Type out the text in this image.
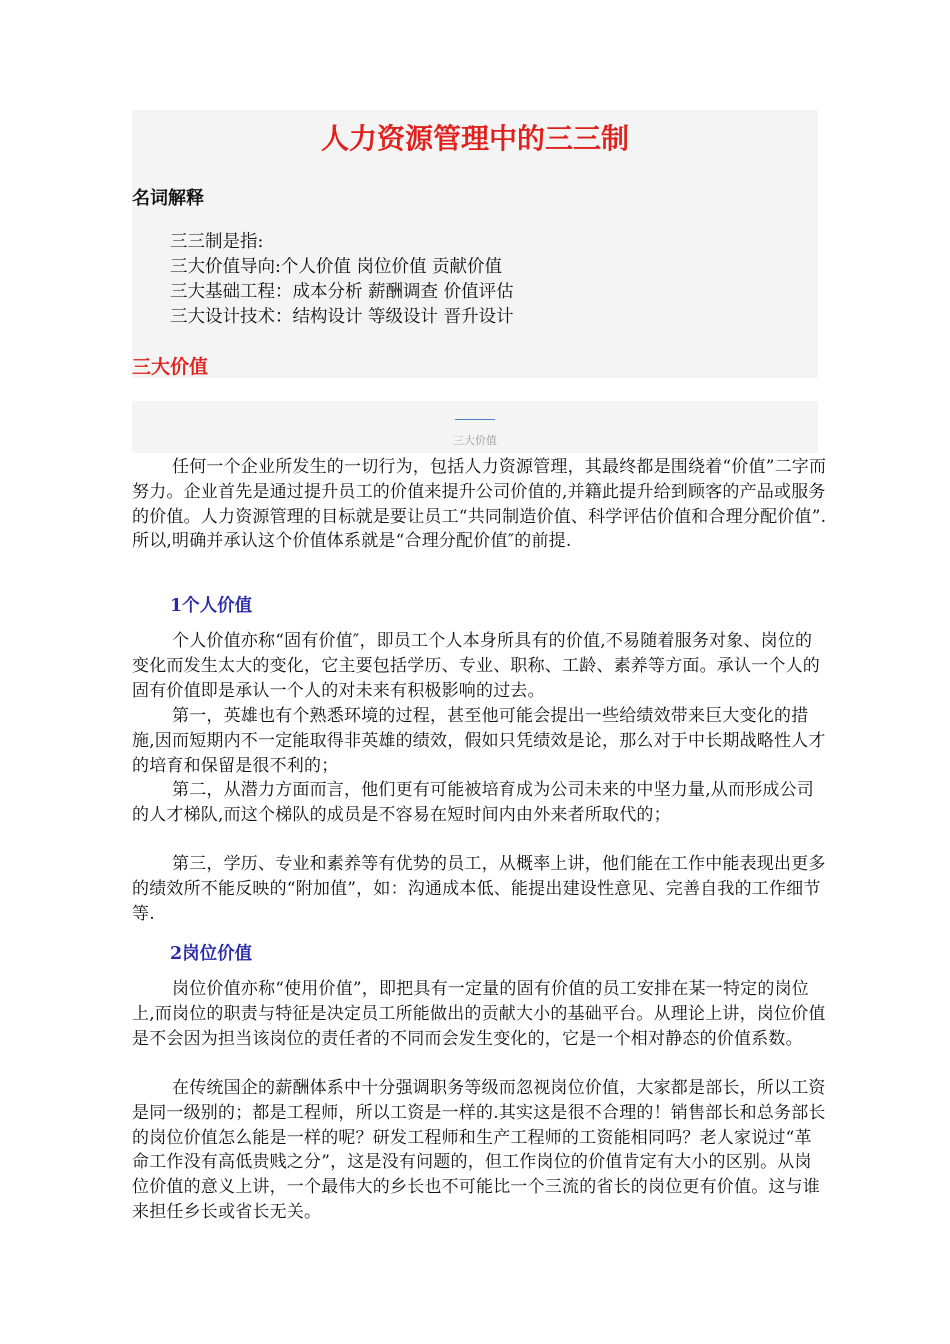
人力资源管理中的三三制
名词解释
三三制是指:
三大价值导向:个人价值 岗位价值 贡献价值
三大基础工程：成本分析 薪酬调查 价值评估
三大设计技术：结构设计 等级设计 晋升设计
三大价值
三大价值

任何一个企业所发生的一切行为，包括人力资源管理，其最终都是围绕着“价值”二字而努力。企业首先是通过提升员工的价值来提升公司价值的,并籍此提升给到顾客的产品或服务的价值。人力资源管理的目标就是要让员工“共同制造价值、科学评估价值和合理分配价值”.所以,明确并承认这个价值体系就是“合理分配价值″的前提.

1个人价值

个人价值亦称“固有价值″，即员工个人本身所具有的价值,不易随着服务对象、岗位的变化而发生太大的变化，它主要包括学历、专业、职称、工龄、素养等方面。承认一个人的固有价值即是承认一个人的对未来有积极影响的过去。

第一，英雄也有个熟悉环境的过程，甚至他可能会提出一些给绩效带来巨大变化的措施,因而短期内不一定能取得非英雄的绩效，假如只凭绩效是论，那么对于中长期战略性人才的培育和保留是很不利的；

第二，从潜力方面而言，他们更有可能被培育成为公司未来的中坚力量,从而形成公司的人才梯队,而这个梯队的成员是不容易在短时间内由外来者所取代的；

第三，学历、专业和素养等有优势的员工，从概率上讲，他们能在工作中能表现出更多的绩效所不能反映的“附加值”，如：沟通成本低、能提出建设性意见、完善自我的工作细节等.

2岗位价值

岗位价值亦称“使用价值”，即把具有一定量的固有价值的员工安排在某一特定的岗位上,而岗位的职责与特征是决定员工所能做出的贡献大小的基础平台。从理论上讲，岗位价值是不会因为担当该岗位的责任者的不同而会发生变化的，它是一个相对静态的价值系数。

在传统国企的薪酬体系中十分强调职务等级而忽视岗位价值，大家都是部长，所以工资是同一级别的；都是工程师，所以工资是一样的.其实这是很不合理的！销售部长和总务部长的岗位价值怎么能是一样的呢？研发工程师和生产工程师的工资能相同吗？老人家说过“革命工作没有高低贵贱之分”，这是没有问题的，但工作岗位的价值肯定有大小的区别。从岗位价值的意义上讲，一个最伟大的乡长也不可能比一个三流的省长的岗位更有价值。这与谁来担任乡长或省长无关。
